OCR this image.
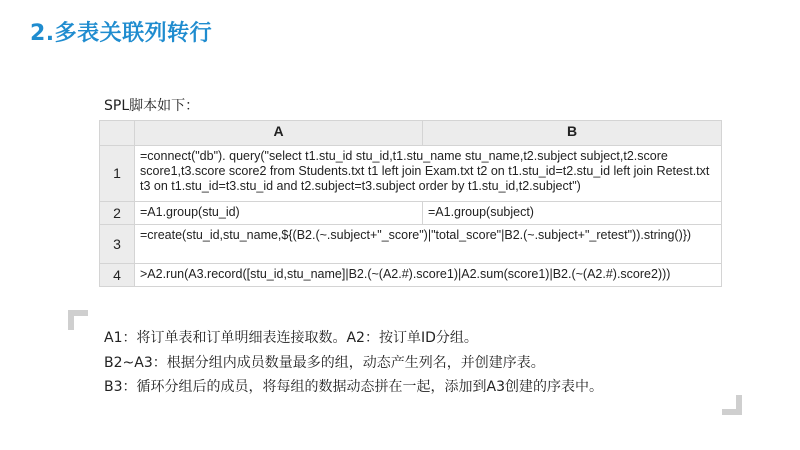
2.多表关联列转行
SPL脚本如下：
	A	B
1	=connect("db"). query("select t1.stu_id stu_id,t1.stu_name stu_name,t2.subject subject,t2.score score1,t3.score score2 from Students.txt t1 left join Exam.txt t2 on t1.stu_id=t2.stu_id left join Retest.txt t3 on t1.stu_id=t3.stu_id and t2.subject=t3.subject order by t1.stu_id,t2.subject")	
2	=A1.group(stu_id)	=A1.group(subject)
3	=create(stu_id,stu_name,${(B2.(~.subject+"_score")|"total_score"|B2.(~.subject+"_retest")).string()})	
4	>A2.run(A3.record([stu_id,stu_name]|B2.(~(A2.#).score1)|A2.sum(score1)|B2.(~(A2.#).score2)))	
A1：将订单表和订单明细表连接取数。A2：按订单ID分组。
B2~A3：根据分组内成员数量最多的组，动态产生列名，并创建序表。
B3：循环分组后的成员，将每组的数据动态拼在一起，添加到A3创建的序表中。
